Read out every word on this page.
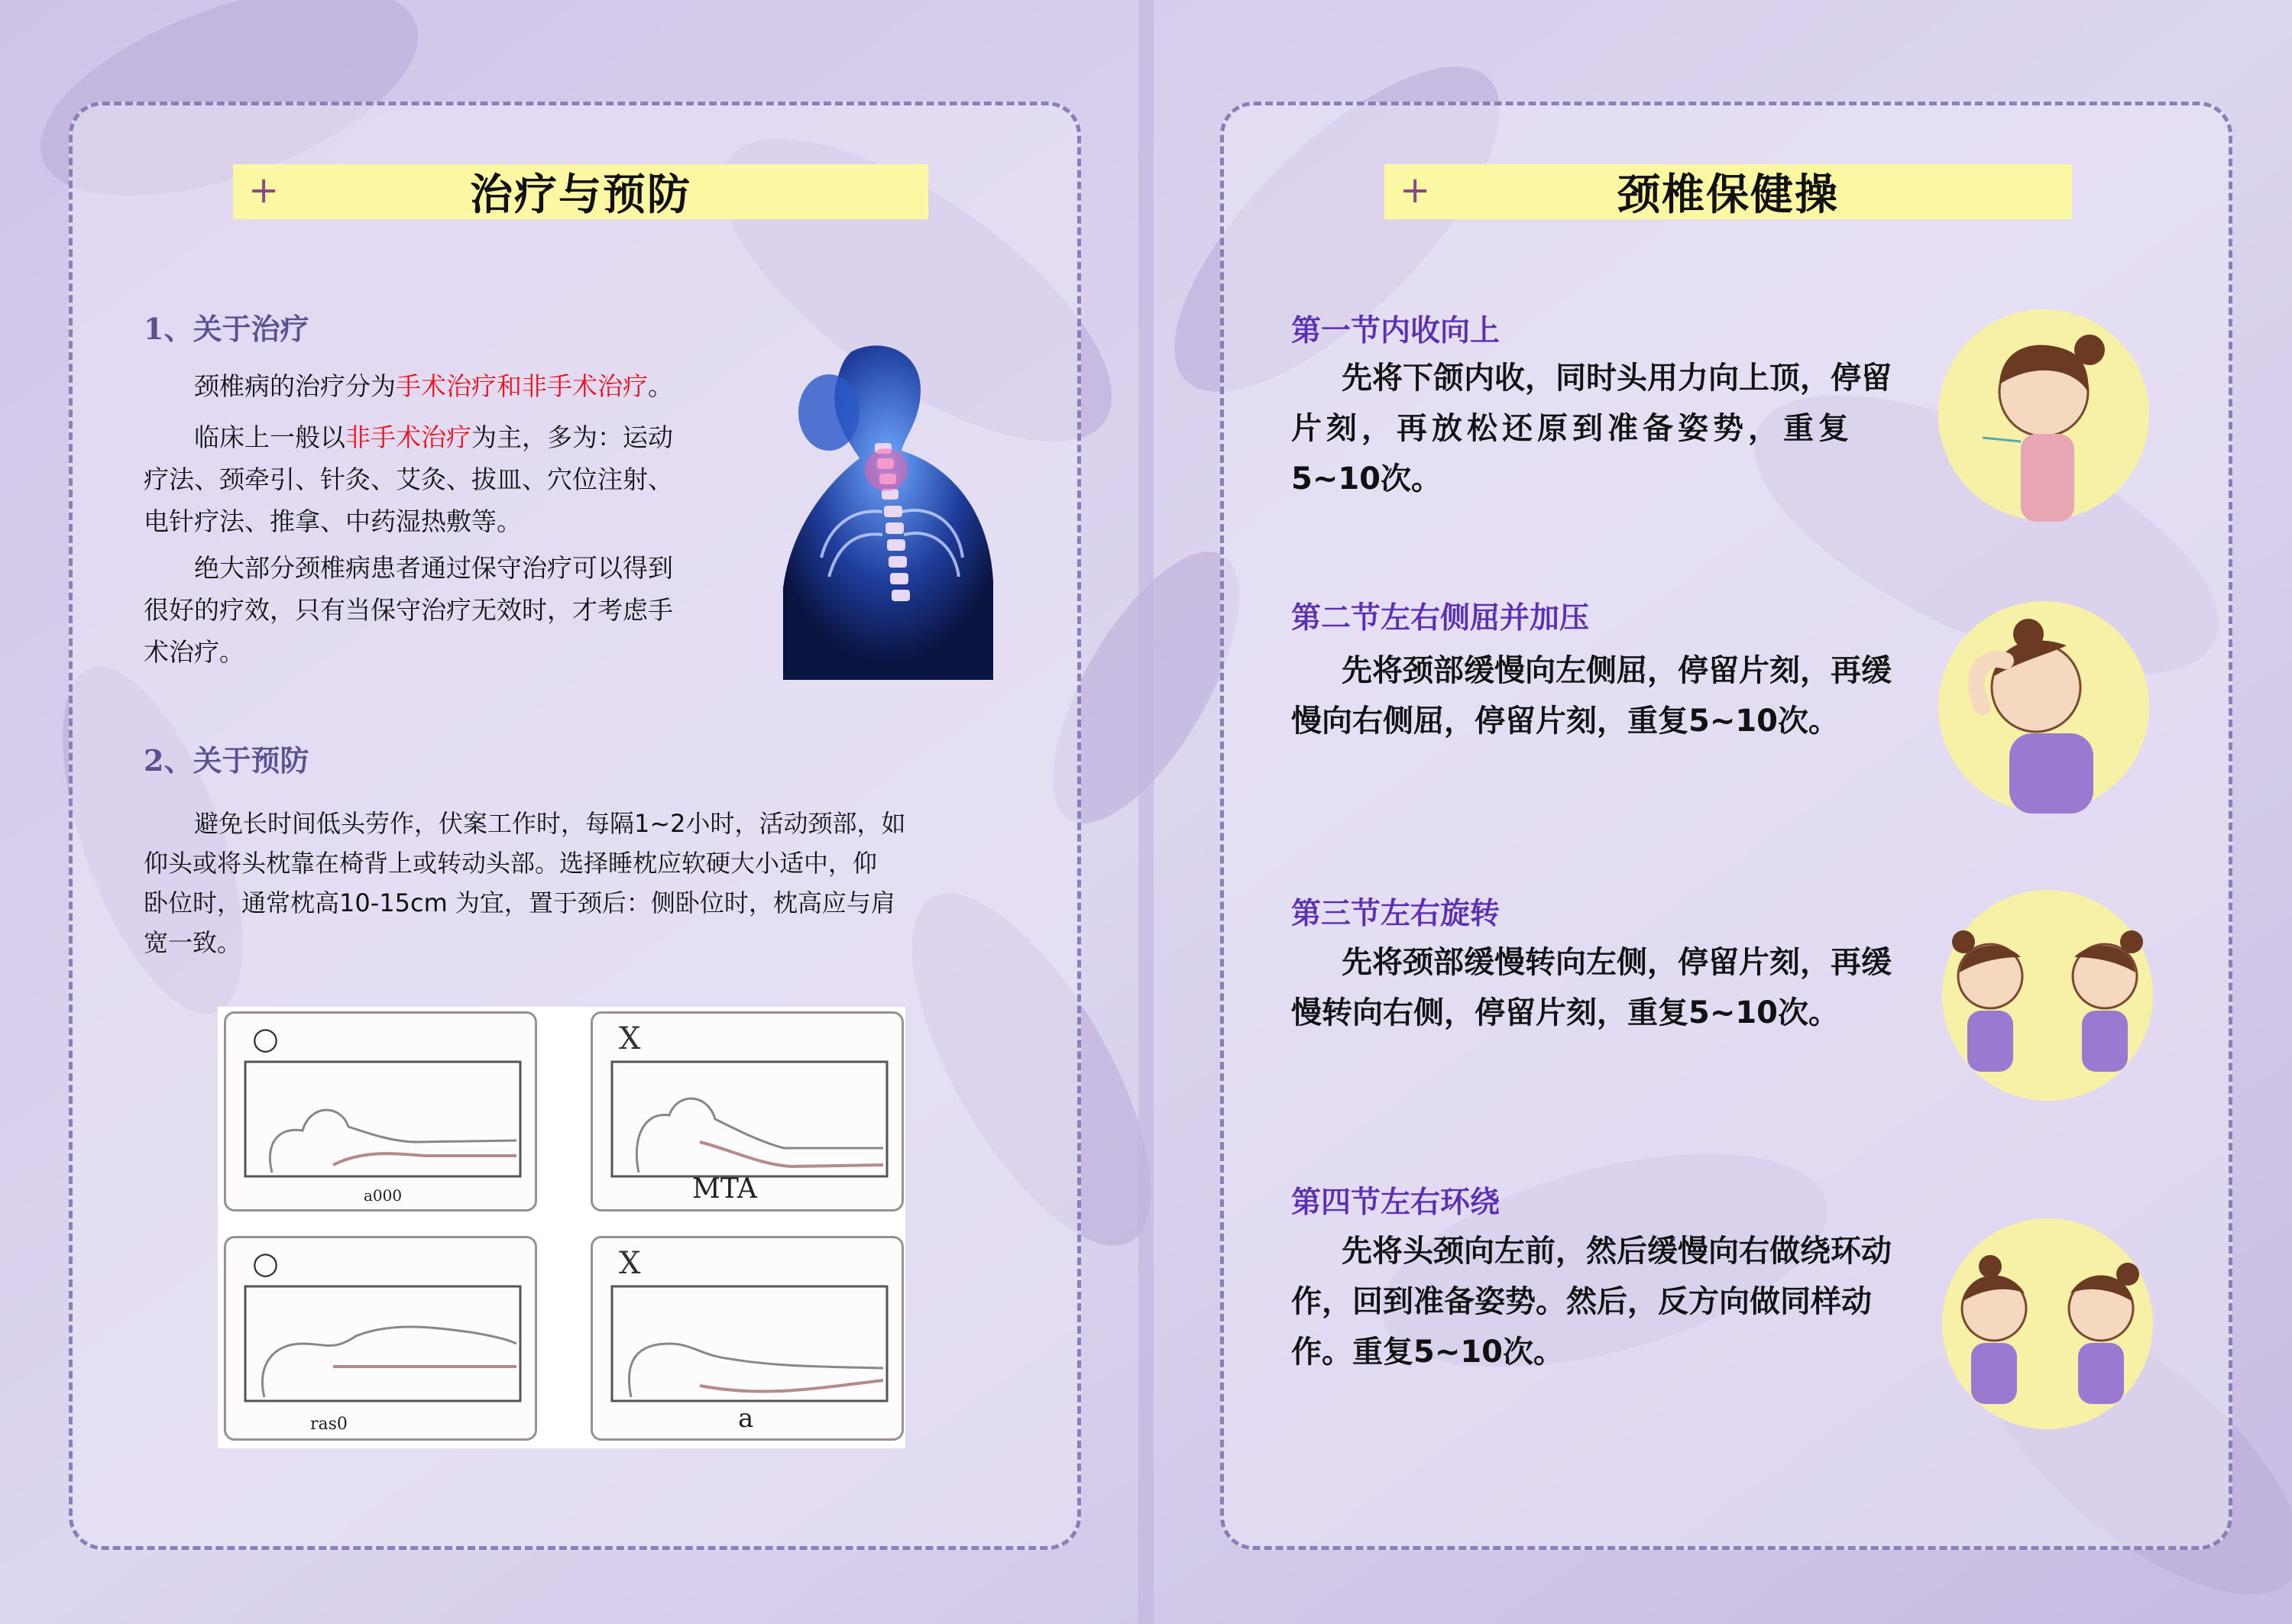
+	治疗与预防
1、关于治疗
颈椎病的治疗分为手术治疗和非手术治疗。
临床上一般以非手术治疗为主，多为：运动
疗法、颈牵引、针灸、艾灸、拔皿、穴位注射、
电针疗法、推拿、中药湿热敷等。
绝大部分颈椎病患者通过保守治疗可以得到
很好的疗效，只有当保守治疗无效时，才考虑手
术治疗。
2、关于预防
避免长时间低头劳作，伏案工作时，每隔1~2小时，活动颈部，如
仰头或将头枕靠在椅背上或转动头部。选择睡枕应软硬大小适中，仰
卧位时，通常枕高10-15cm 为宜，置于颈后：侧卧位时，枕高应与肩
宽一致。
○
a000
X
MTA
○
ras0
X
a
+	颈椎保健操
第一节内收向上
先将下颌内收，同时头用力向上顶，停留
片刻，再放松还原到准备姿势，重复
5~10次。
第二节左右侧屈并加压
先将颈部缓慢向左侧屈，停留片刻，再缓
慢向右侧屈，停留片刻，重复5~10次。
第三节左右旋转
先将颈部缓慢转向左侧，停留片刻，再缓
慢转向右侧，停留片刻，重复5~10次。
第四节左右环绕
先将头颈向左前，然后缓慢向右做绕环动
作，回到准备姿势。然后，反方向做同样动
作。重复5~10次。
